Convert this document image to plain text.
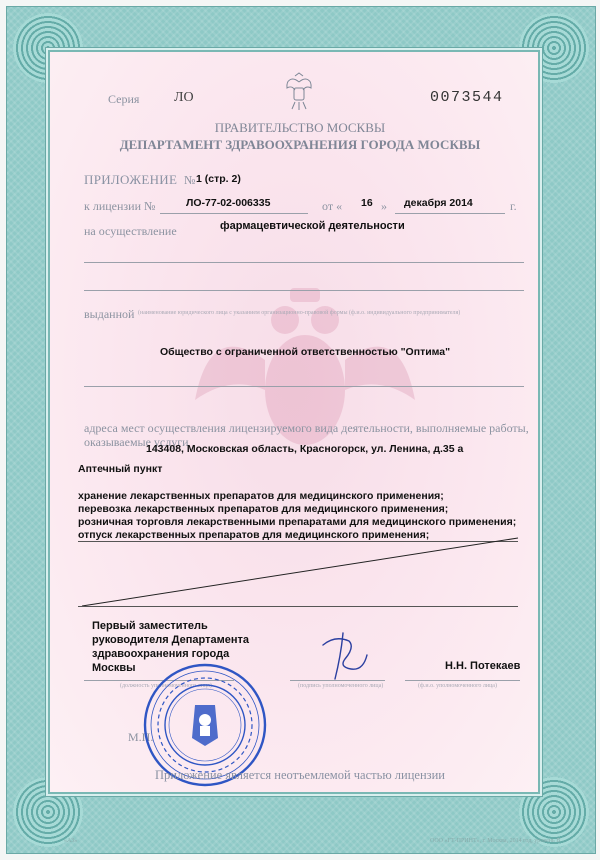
Серия ЛО	0073544
ПРАВИТЕЛЬСТВО МОСКВЫ
ДЕПАРТАМЕНТ ЗДРАВООХРАНЕНИЯ ГОРОДА МОСКВЫ
ПРИЛОЖЕНИЕ № 1 (стр. 2)
к лицензии №	ЛО-77-02-006335	от « 16 » декабря 2014	г.
на осуществление	фармацевтической деятельности
выданной (наименование юридического лица с указанием организационно-правовой формы (ф.и.о. индивидуального предпринимателя)
Общество с ограниченной ответственностью "Оптима"
адреса мест осуществления лицензируемого вида деятельности, выполняемые работы,
оказываемые услуги
143408, Московская область, Красногорск, ул. Ленина, д.35 а
Аптечный пункт
хранение лекарственных препаратов для медицинского применения;
перевозка лекарственных препаратов для медицинского применения;
розничная торговля лекарственными препаратами для медицинского применения;
отпуск лекарственных препаратов для медицинского применения;
Первый заместитель
руководителя Департамента
здравоохранения города
Москвы	Н.Н. Потекаев
(должность уполномоченного лица)	(подпись уполномоченного лица)	(ф.и.о. уполномоченного лица)
М.П.
Приложение является неотъемлемой частью лицензии
«АЗ»	ООО «ГТ-ПРИНТ», г. Москва, 2014 год, уровень В
